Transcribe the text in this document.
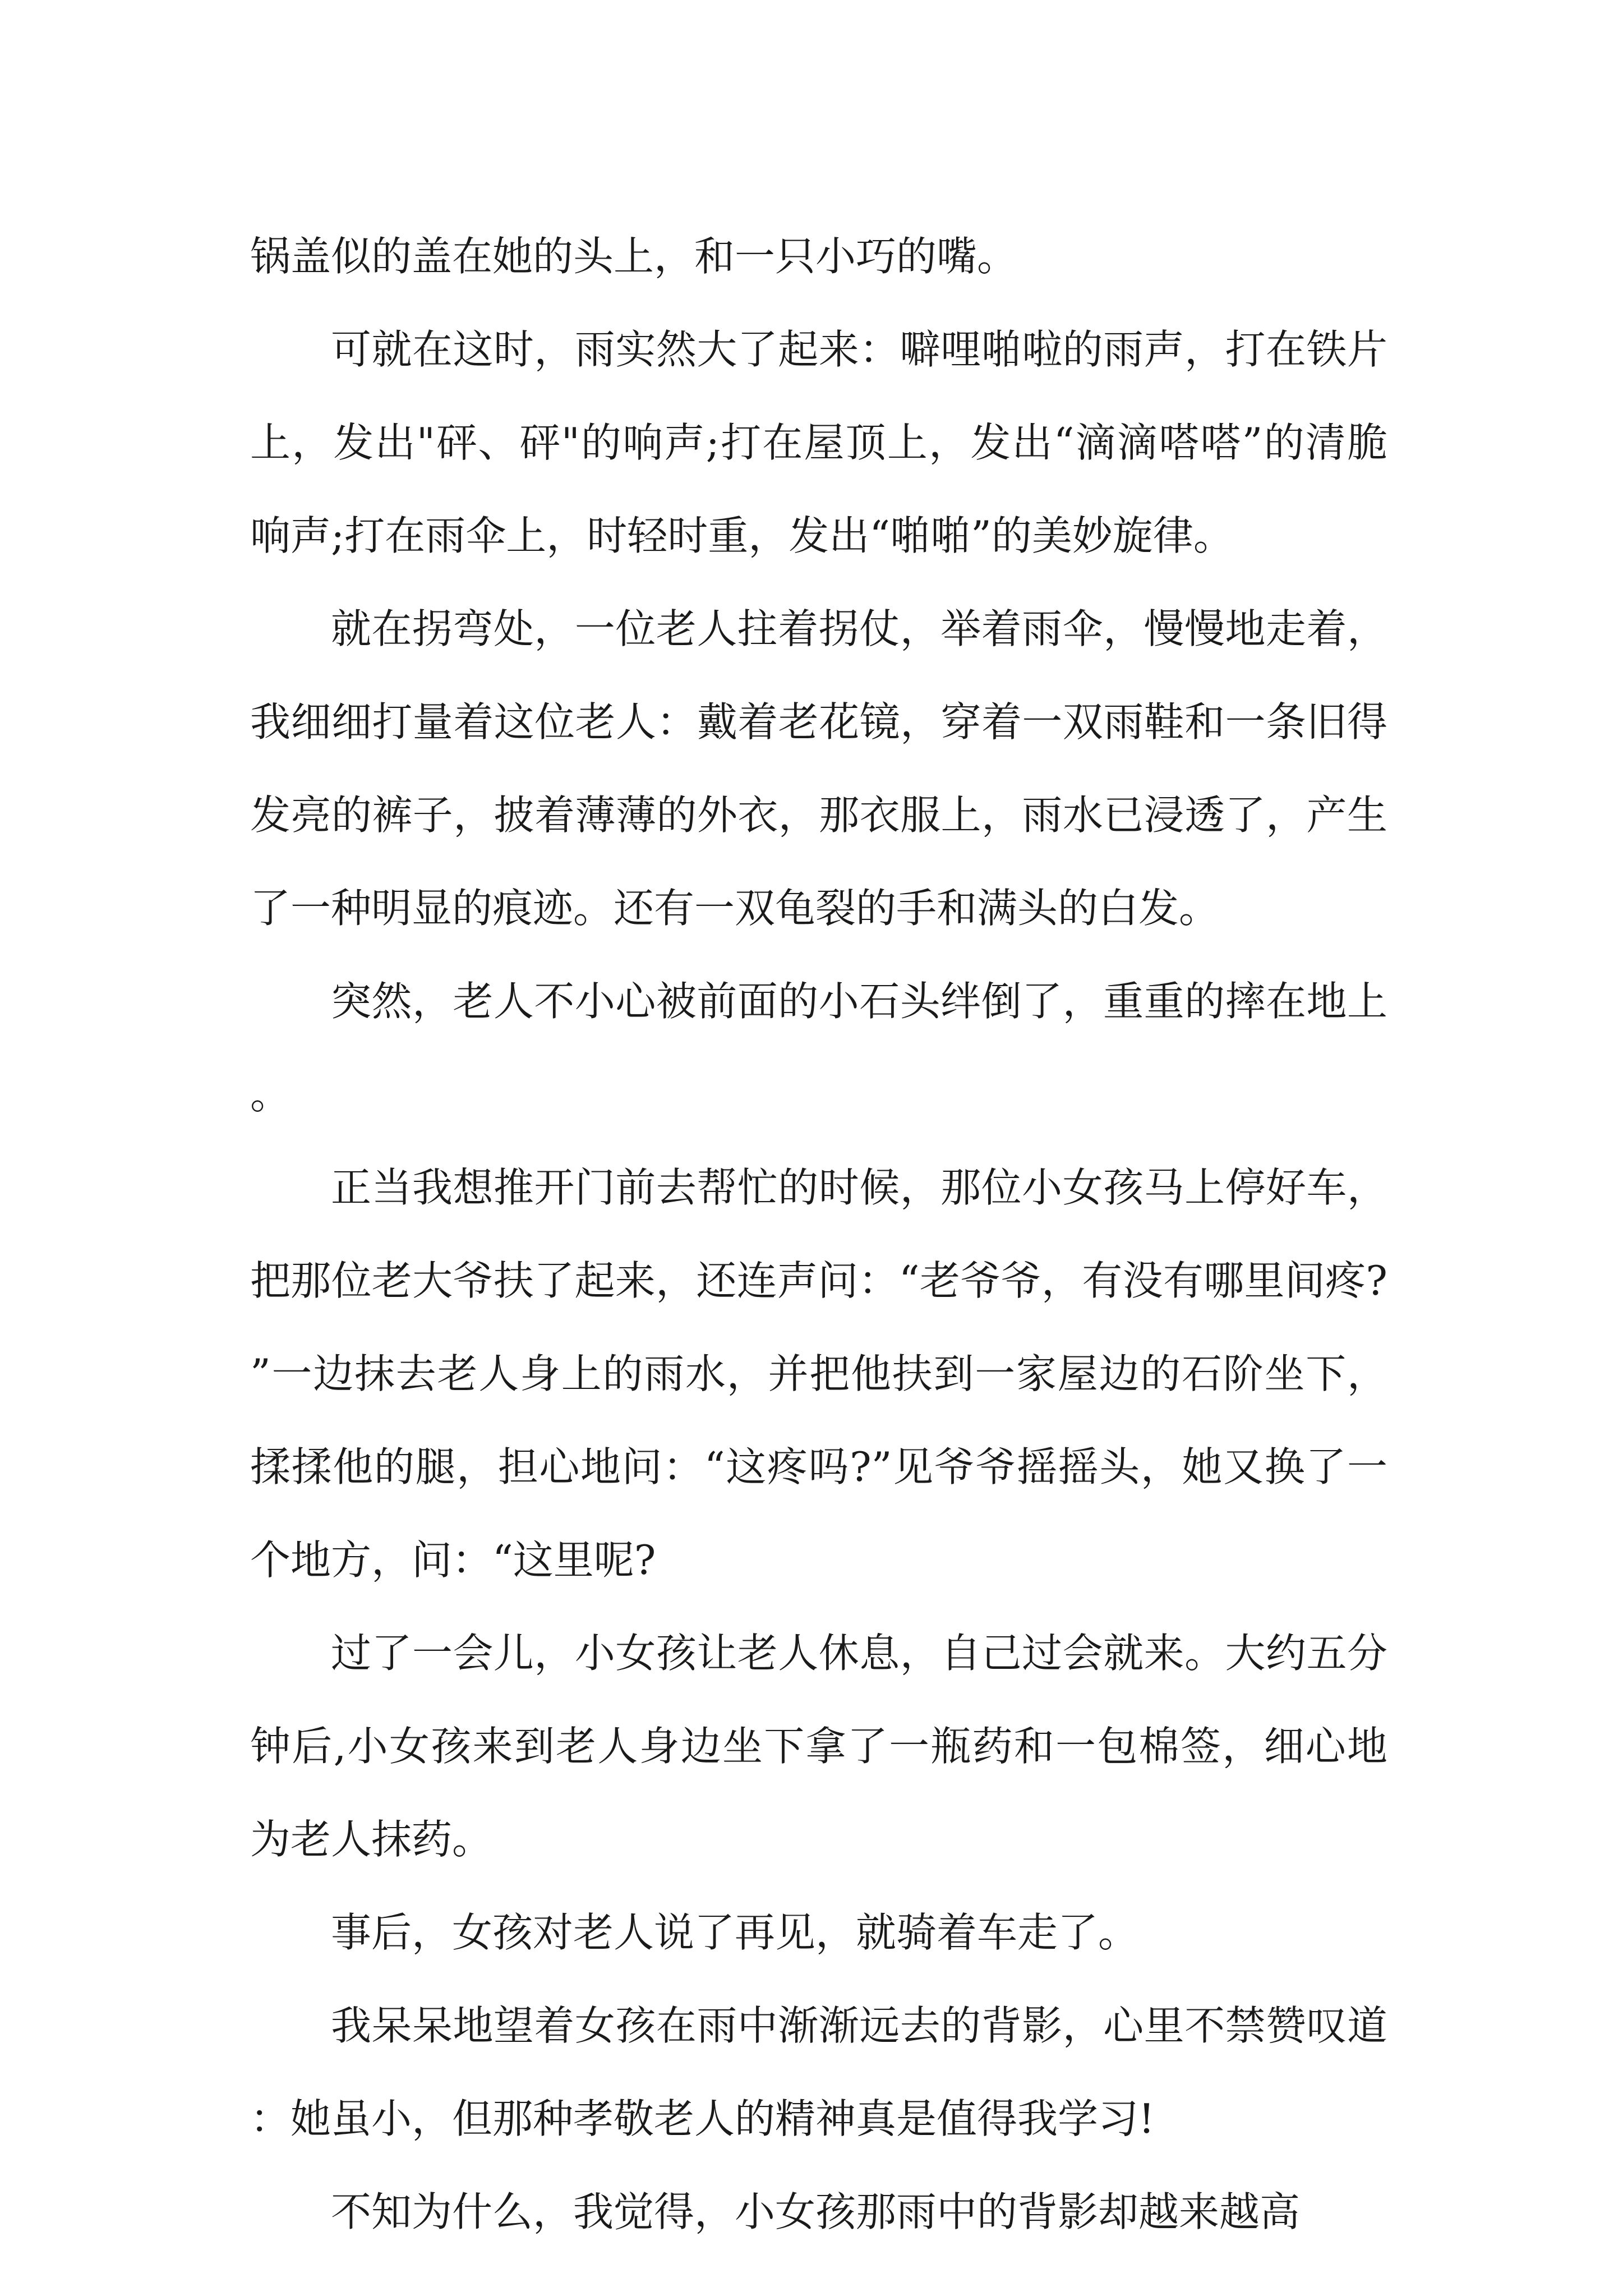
锅盖似的盖在她的头上，和一只小巧的嘴。

可就在这时，雨实然大了起来：噼哩啪啦的雨声，打在铁片上，发出"砰、砰"的响声;打在屋顶上，发出“滴滴嗒嗒”的清脆响声;打在雨伞上，时轻时重，发出“啪啪”的美妙旋律。

就在拐弯处，一位老人拄着拐仗，举着雨伞，慢慢地走着，我细细打量着这位老人：戴着老花镜，穿着一双雨鞋和一条旧得发亮的裤子，披着薄薄的外衣，那衣服上，雨水已浸透了，产生了一种明显的痕迹。还有一双龟裂的手和满头的白发。

突然，老人不小心被前面的小石头绊倒了，重重的摔在地上。

正当我想推开门前去帮忙的时候，那位小女孩马上停好车，把那位老大爷扶了起来，还连声问：“老爷爷，有没有哪里间疼?”一边抹去老人身上的雨水，并把他扶到一家屋边的石阶坐下，揉揉他的腿，担心地问：“这疼吗?”见爷爷摇摇头，她又换了一个地方，问：“这里呢?

过了一会儿，小女孩让老人休息，自己过会就来。大约五分钟后,小女孩来到老人身边坐下拿了一瓶药和一包棉签，细心地为老人抹药。

事后，女孩对老人说了再见，就骑着车走了。

我呆呆地望着女孩在雨中渐渐远去的背影，心里不禁赞叹道：她虽小，但那种孝敬老人的精神真是值得我学习!

不知为什么，我觉得，小女孩那雨中的背影却越来越高
